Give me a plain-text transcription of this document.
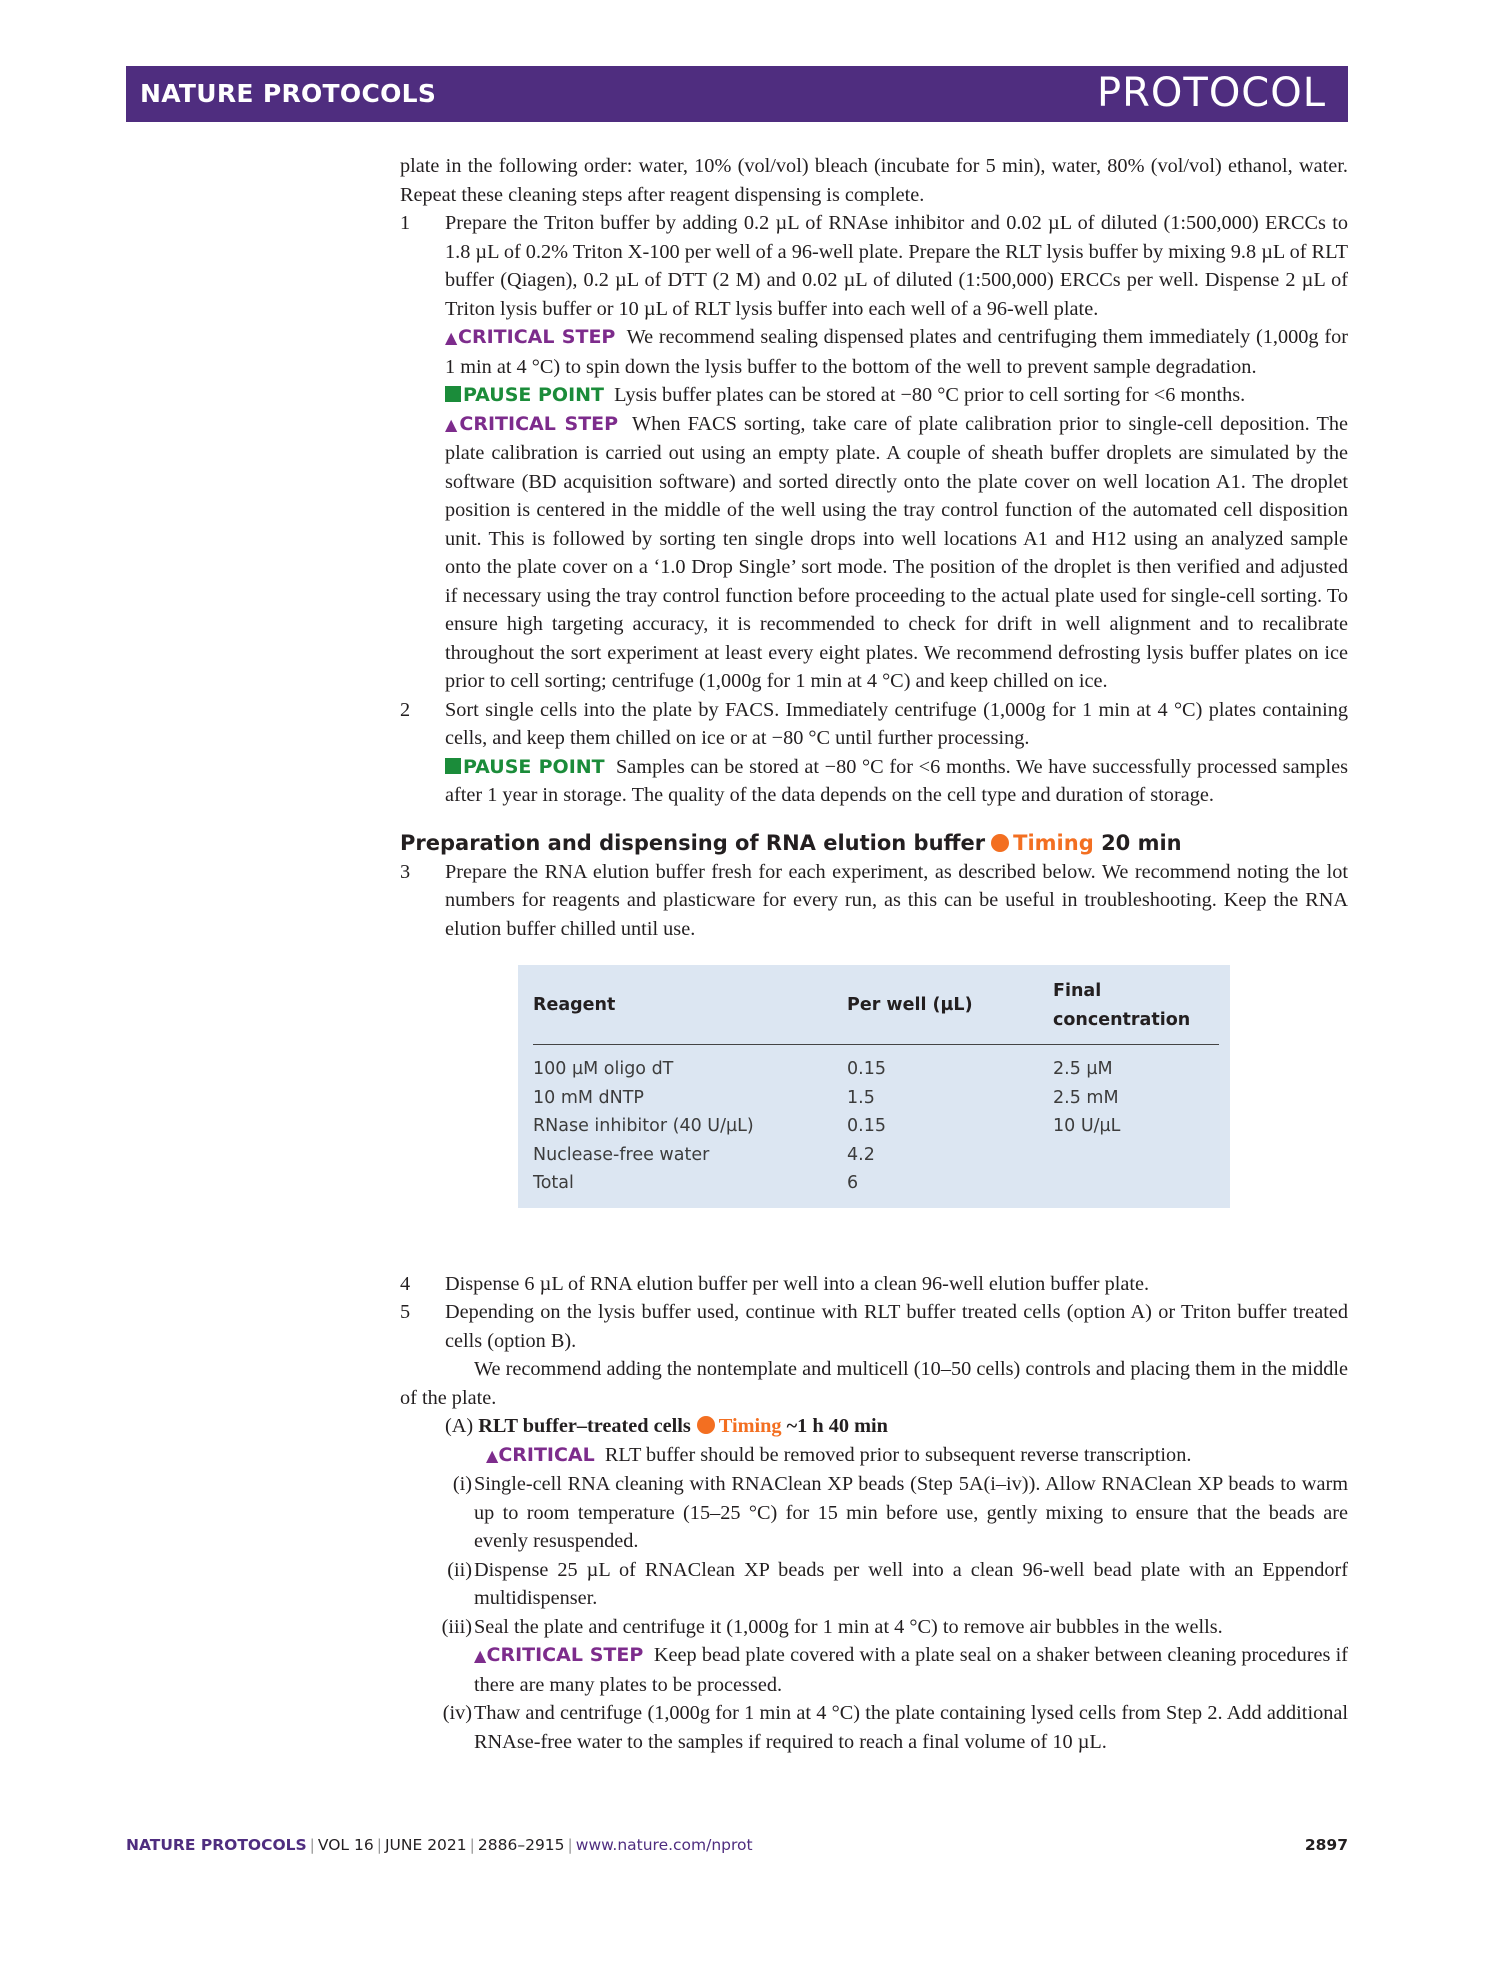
NATURE PROTOCOLS	PROTOCOL

plate in the following order: water, 10% (vol/vol) bleach (incubate for 5 min), water, 80% (vol/vol) ethanol, water. Repeat these cleaning steps after reagent dispensing is complete.

1 Prepare the Triton buffer by adding 0.2 µL of RNAse inhibitor and 0.02 µL of diluted (1:500,000) ERCCs to 1.8 µL of 0.2% Triton X-100 per well of a 96-well plate. Prepare the RLT lysis buffer by mixing 9.8 µL of RLT buffer (Qiagen), 0.2 µL of DTT (2 M) and 0.02 µL of diluted (1:500,000) ERCCs per well. Dispense 2 µL of Triton lysis buffer or 10 µL of RLT lysis buffer into each well of a 96-well plate.

▲CRITICAL STEP We recommend sealing dispensed plates and centrifuging them immediately (1,000g for 1 min at 4 °C) to spin down the lysis buffer to the bottom of the well to prevent sample degradation.

PAUSE POINT Lysis buffer plates can be stored at −80 °C prior to cell sorting for <6 months.

▲CRITICAL STEP When FACS sorting, take care of plate calibration prior to single-cell deposition. The plate calibration is carried out using an empty plate. A couple of sheath buffer droplets are simulated by the software (BD acquisition software) and sorted directly onto the plate cover on well location A1. The droplet position is centered in the middle of the well using the tray control function of the automated cell disposition unit. This is followed by sorting ten single drops into well locations A1 and H12 using an analyzed sample onto the plate cover on a ‘1.0 Drop Single’ sort mode. The position of the droplet is then verified and adjusted if necessary using the tray control function before proceeding to the actual plate used for single-cell sorting. To ensure high targeting accuracy, it is recommended to check for drift in well alignment and to recalibrate throughout the sort experiment at least every eight plates. We recommend defrosting lysis buffer plates on ice prior to cell sorting; centrifuge (1,000g for 1 min at 4 °C) and keep chilled on ice.

2 Sort single cells into the plate by FACS. Immediately centrifuge (1,000g for 1 min at 4 °C) plates containing cells, and keep them chilled on ice or at −80 °C until further processing.

PAUSE POINT Samples can be stored at −80 °C for <6 months. We have successfully processed samples after 1 year in storage. The quality of the data depends on the cell type and duration of storage.

Preparation and dispensing of RNA elution buffer Timing 20 min
3 Prepare the RNA elution buffer fresh for each experiment, as described below. We recommend noting the lot numbers for reagents and plasticware for every run, as this can be useful in troubleshooting. Keep the RNA elution buffer chilled until use.

Reagent	Per well (µL)	Final concentration
100 µM oligo dT	0.15	2.5 µM
10 mM dNTP	1.5	2.5 mM
RNase inhibitor (40 U/µL)	0.15	10 U/µL
Nuclease-free water	4.2	
Total	6	
4 Dispense 6 µL of RNA elution buffer per well into a clean 96-well elution buffer plate.

5 Depending on the lysis buffer used, continue with RLT buffer treated cells (option A) or Triton buffer treated cells (option B).

We recommend adding the nontemplate and multicell (10–50 cells) controls and placing them in the middle of the plate.

(A) RLT buffer–treated cells Timing ~1 h 40 min

▲CRITICAL RLT buffer should be removed prior to subsequent reverse transcription.

(i) Single-cell RNA cleaning with RNAClean XP beads (Step 5A(i–iv)). Allow RNAClean XP beads to warm up to room temperature (15–25 °C) for 15 min before use, gently mixing to ensure that the beads are evenly resuspended.

(ii) Dispense 25 µL of RNAClean XP beads per well into a clean 96-well bead plate with an Eppendorf multidispenser.

(iii) Seal the plate and centrifuge it (1,000g for 1 min at 4 °C) to remove air bubbles in the wells.

▲CRITICAL STEP Keep bead plate covered with a plate seal on a shaker between cleaning procedures if there are many plates to be processed.

(iv) Thaw and centrifuge (1,000g for 1 min at 4 °C) the plate containing lysed cells from Step 2. Add additional RNAse-free water to the samples if required to reach a final volume of 10 µL.

NATURE PROTOCOLS | VOL 16 | JUNE 2021 | 2886–2915 | www.nature.com/nprot	2897
